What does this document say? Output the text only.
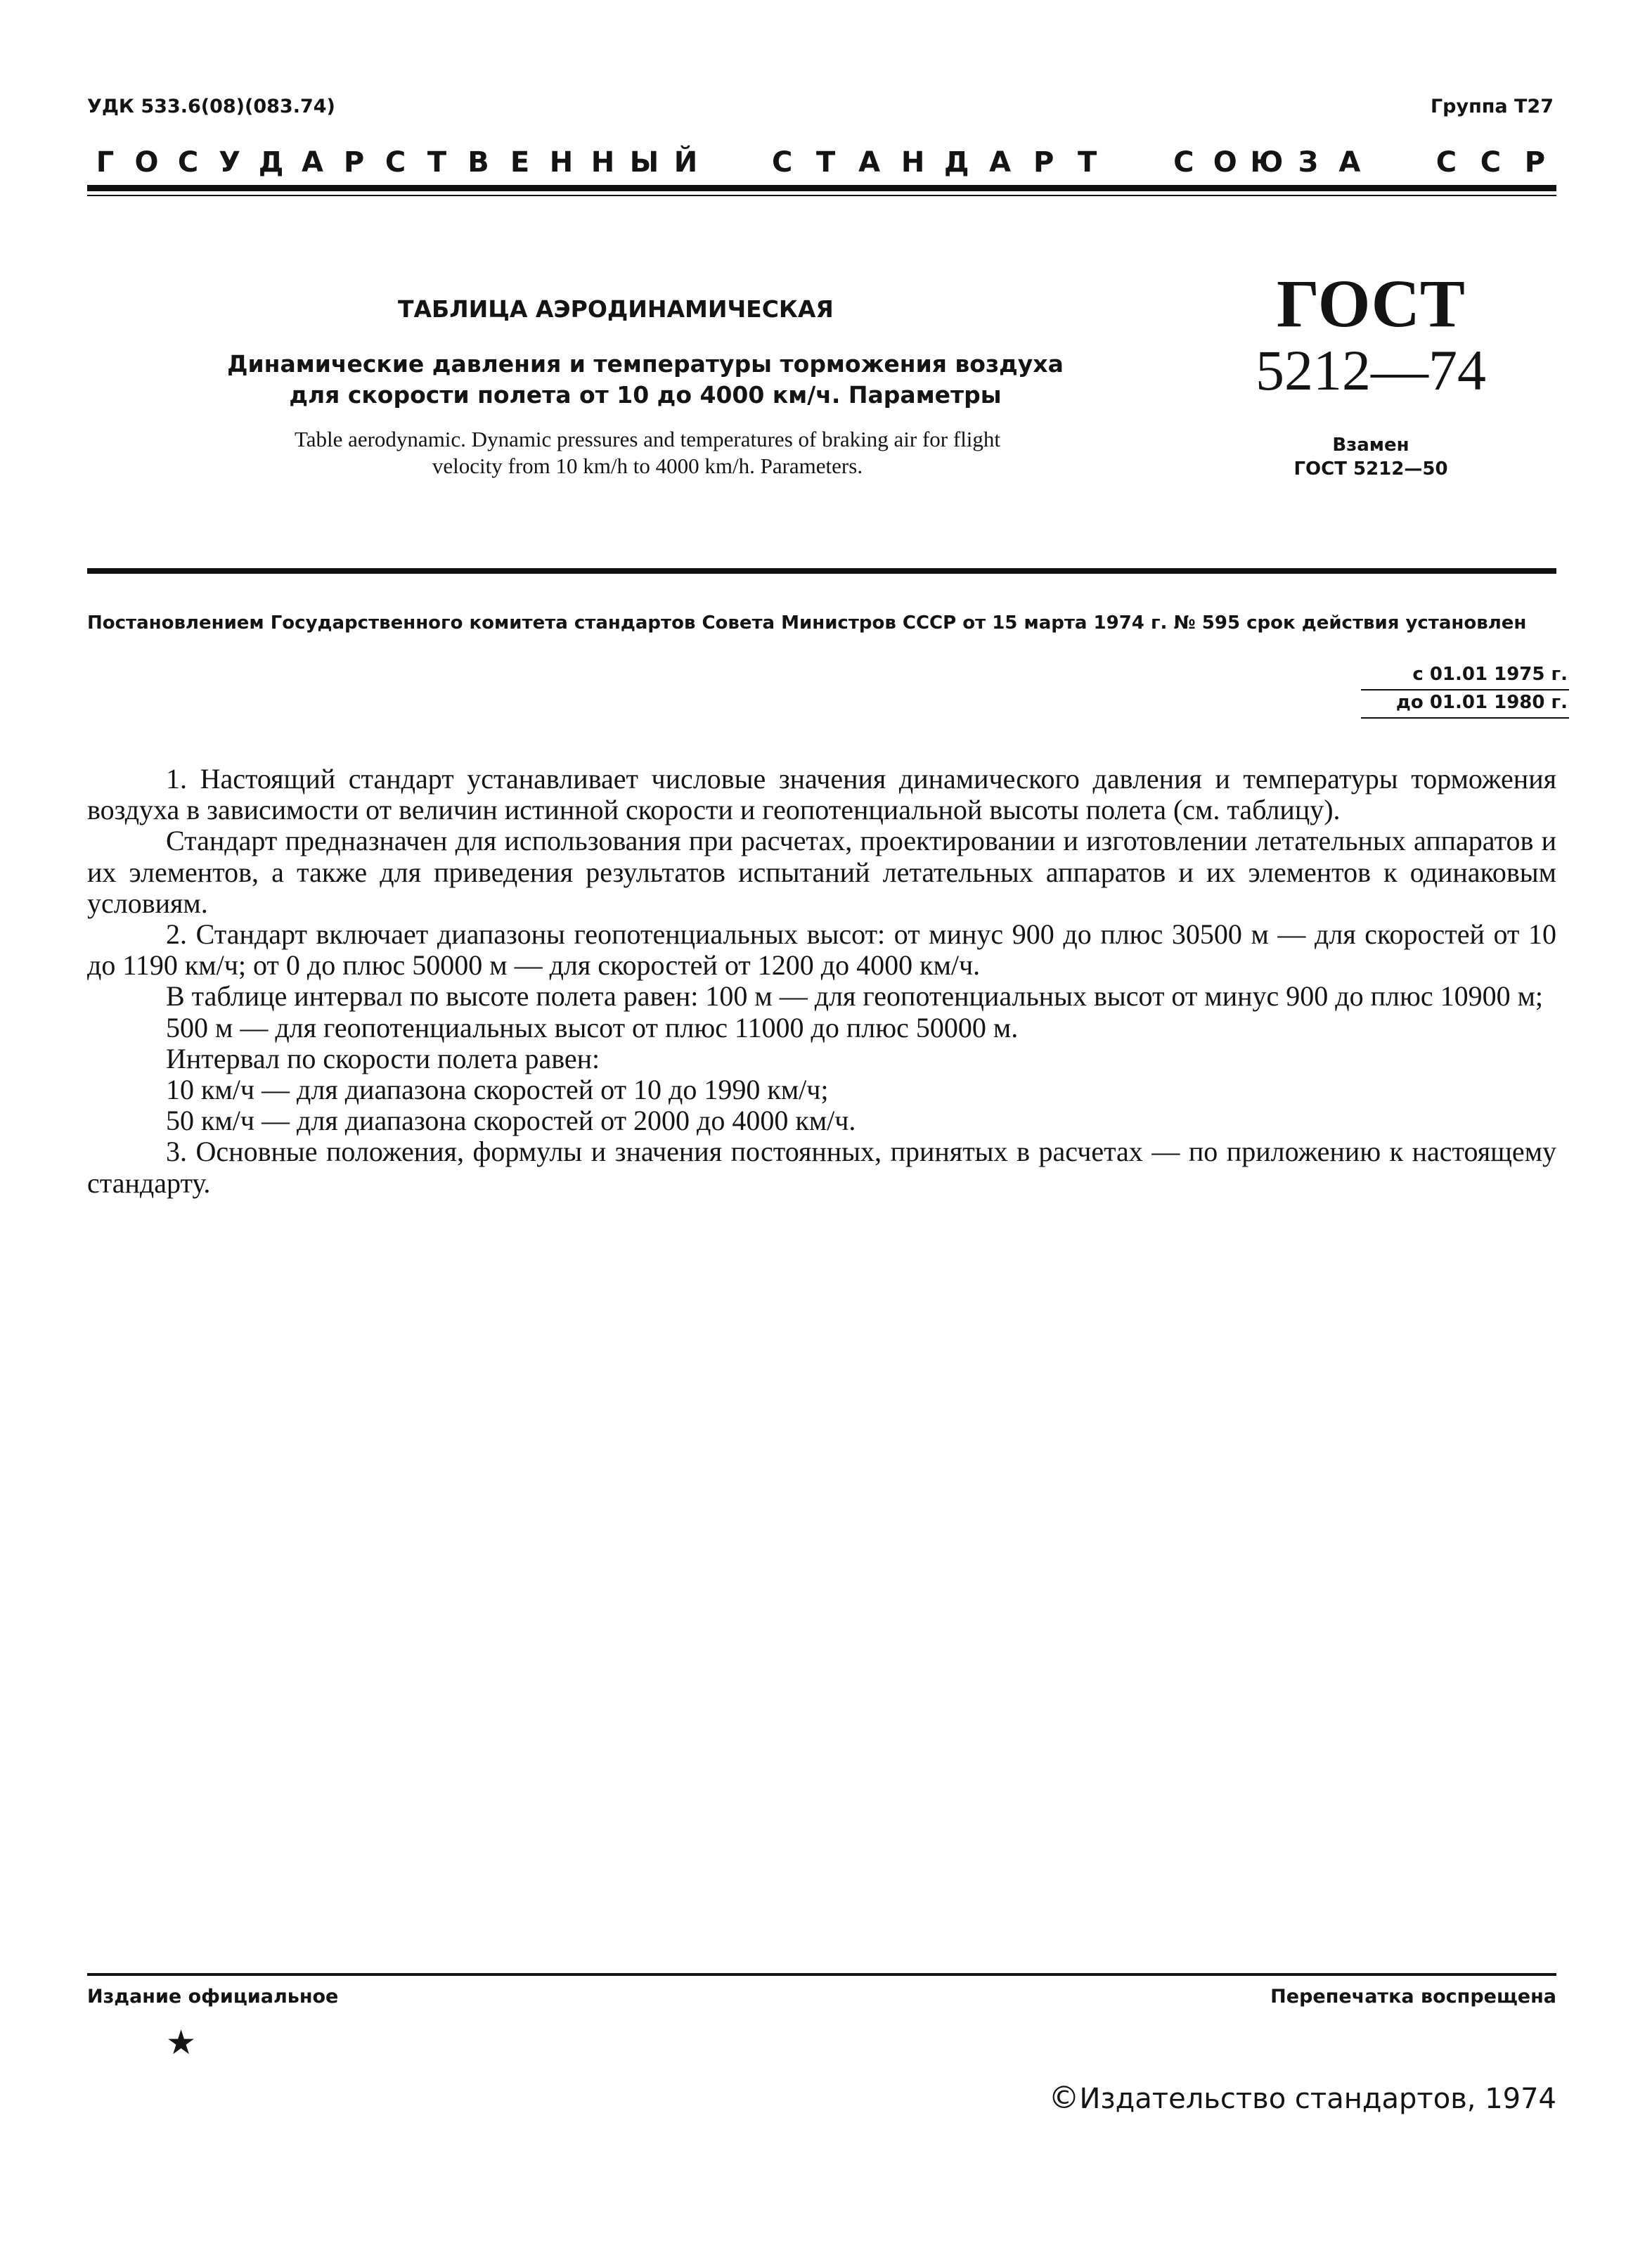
УДК 533.6(08)(083.74)	Группа Т27
Г О С У Д А Р С Т В Е Н Н Ы Й	С Т А Н Д А Р Т	С О Ю З А	С С Р
ТАБЛИЦА АЭРОДИНАМИЧЕСКАЯ
Динамические давления и температуры торможения воздуха
для скорости полета от 10 до 4000 км/ч. Параметры
Table aerodynamic. Dynamic pressures and temperatures of braking air for flight
velocity from 10 km/h to 4000 km/h. Parameters.
ГОСТ
5212—74
Взамен
ГОСТ 5212—50
Постановлением Государственного комитета стандартов Совета Министров СССР от 15 марта 1974 г. № 595 срок действия установлен
с 01.01 1975 г.
до 01.01 1980 г.

1. Настоящий стандарт устанавливает числовые значения динамического давления и температуры торможения воздуха в зависимости от величин истинной скорости и геопотенциальной высоты полета (см. таблицу).

Стандарт предназначен для использования при расчетах, проектировании и изготовлении летательных аппаратов и их элементов, а также для приведения результатов испытаний летательных аппаратов и их элементов к одинаковым условиям.

2. Стандарт включает диапазоны геопотенциальных высот: от минус 900 до плюс 30500 м — для скоростей от 10 до 1190 км/ч; от 0 до плюс 50000 м — для скоростей от 1200 до 4000 км/ч.

В таблице интервал по высоте полета равен: 100 м — для геопотенциальных высот от минус 900 до плюс 10900 м;

500 м — для геопотенциальных высот от плюс 11000 до плюс 50000 м.

Интервал по скорости полета равен:

10 км/ч — для диапазона скоростей от 10 до 1990 км/ч;

50 км/ч — для диапазона скоростей от 2000 до 4000 км/ч.

3. Основные положения, формулы и значения постоянных, принятых в расчетах — по приложению к настоящему стандарту.

Издание официальное	Перепечатка воспрещена
★
©Издательство стандартов, 1974
